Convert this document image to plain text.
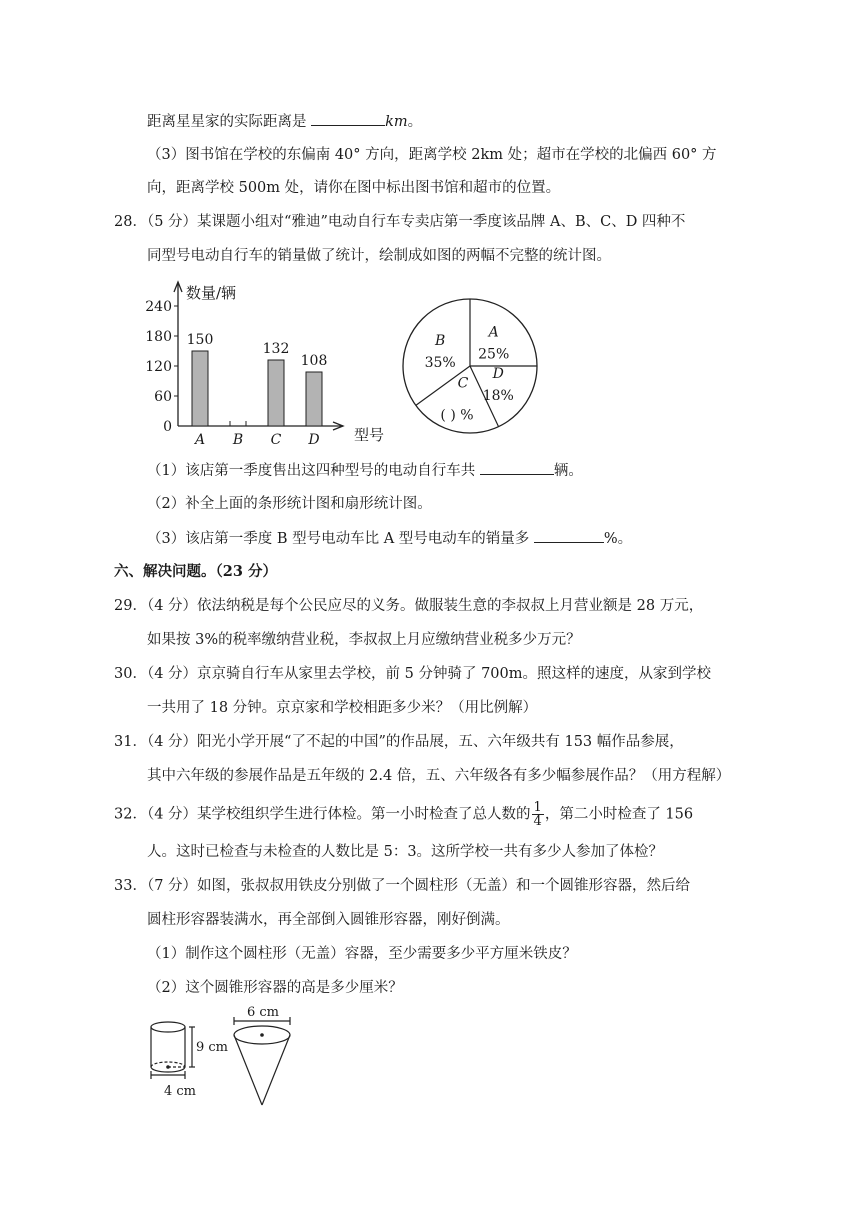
距离星星家的实际距离是	km。
（3）图书馆在学校的东偏南 40° 方向，距离学校 2km 处；超市在学校的北偏西 60° 方
向，距离学校 500m 处，请你在图中标出图书馆和超市的位置。
28．（5 分）某课题小组对“雅迪”电动自行车专卖店第一季度该品牌 A、B、C、D 四种不
同型号电动自行车的销量做了统计，绘制成如图的两幅不完整的统计图。
0
60
120
180
240
150
A B
132
C
108
D
数量/辆
型号
A
25%
D
18%
C
( ) %
B
35%
（1）该店第一季度售出这四种型号的电动自行车共	辆。
（2）补全上面的条形统计图和扇形统计图。
（3）该店第一季度 B 型号电动车比 A 型号电动车的销量多	%。
六、解决问题。（23 分）
29．（4 分）依法纳税是每个公民应尽的义务。做服装生意的李叔叔上月营业额是 28 万元，
如果按 3%的税率缴纳营业税，李叔叔上月应缴纳营业税多少万元？
30．（4 分）京京骑自行车从家里去学校，前 5 分钟骑了 700m。照这样的速度，从家到学校
一共用了 18 分钟。京京家和学校相距多少米？（用比例解）
31．（4 分）阳光小学开展“了不起的中国”的作品展，五、六年级共有 153 幅作品参展，
其中六年级的参展作品是五年级的 2.4 倍，五、六年级各有多少幅参展作品？（用方程解）
32．（4 分）某学校组织学生进行体检。第一小时检查了总人数的 $\frac{1}{4}$ ，第二小时检查了 156
人。这时已检查与未检查的人数比是 5：3。这所学校一共有多少人参加了体检？
33．（7 分）如图，张叔叔用铁皮分别做了一个圆柱形（无盖）和一个圆锥形容器，然后给
圆柱形容器装满水，再全部倒入圆锥形容器，刚好倒满。
（1）制作这个圆柱形（无盖）容器，至少需要多少平方厘米铁皮？
（2）这个圆锥形容器的高是多少厘米？
9 cm
4 cm
6 cm
